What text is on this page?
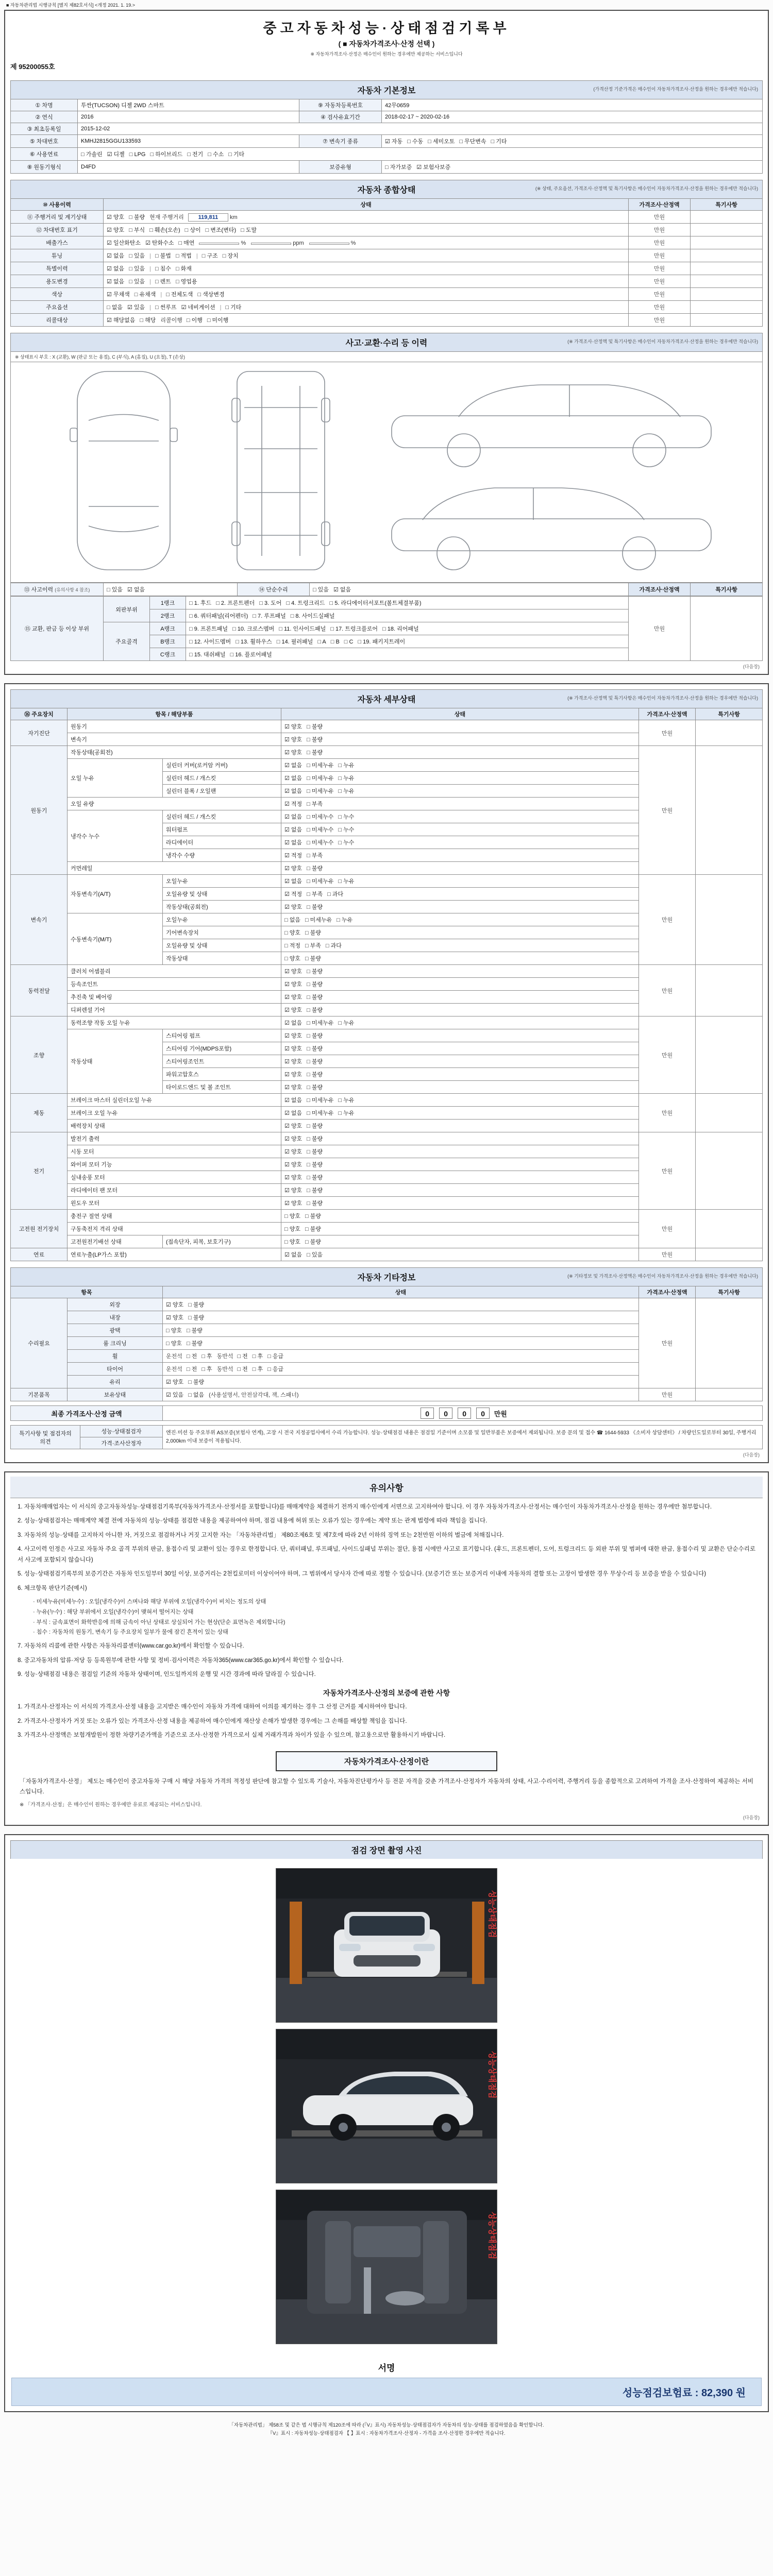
■ 자동차관리법 시행규칙 [별지 제82호서식] <개정 2021. 1. 19.>
중고자동차성능·상태점검기록부
( ■ 자동차가격조사·산정 선택 )
※ 자동차가격조사·산정은 매수인이 원하는 경우에만 제공하는 서비스입니다
제 95200055호
자동차 기본정보	(가격산정 기준가격은 매수인이 자동차가격조사·산정을 원하는 경우에만 적습니다)
① 차명	투싼(TUCSON) 디젤 2WD 스마트	⑨ 자동차등록번호	42무0659
② 연식	2016	④ 검사유효기간	2018-02-17 ~ 2020-02-16
③ 최초등록일	2015-12-02		
⑤ 차대번호	KMHJ2815GGU133593	⑦ 변속기 종류	☑ 자동 □ 수동 □ 세미오토 □ 무단변속 □ 기타
⑥ 사용연료	□ 가솔린 ☑ 디젤 □ LPG □ 하이브리드 □ 전기 □ 수소 □ 기타		
⑧ 원동기형식	D4FD	보증유형	□ 자가보증 ☑ 보험사보증
자동차 종합상태	(※ 상태, 주요옵션, 가격조사·산정액 및 특기사항은 매수인이 자동차가격조사·산정을 원하는 경우에만 적습니다)
⑩ 사용이력	상태	가격조사·산정액	특기사항
⑪ 주행거리 및 계기상태	☑ 양호 □ 불량 현재 주행거리 119,811 km	만원	
⑫ 차대번호 표기	☑ 양호 □ 부식 □ 훼손(오손) □ 상이 □ 변조(변타) □ 도말	만원	
배출가스	☑ 일산화탄소 ☑ 탄화수소 □ 매연 % ppm %	만원	
튜닝	☑ 없음 □ 있음 | □ 불법 □ 적법 | □ 구조 □ 장치	만원	
특별이력	☑ 없음 □ 있음 | □ 침수 □ 화재	만원	
용도변경	☑ 없음 □ 있음 | □ 렌트 □ 영업용	만원	
색상	☑ 무채색 □ 유채색 | □ 전체도색 □ 색상변경	만원	
주요옵션	□ 없음 ☑ 있음 | □ 썬루프 ☑ 네비게이션 | □ 기타	만원	
리콜대상	☑ 해당없음 □ 해당 리콜이행 □ 이행 □ 미이행	만원	
사고·교환·수리 등 이력	(※ 가격조사·산정액 및 특기사항은 매수인이 자동차가격조사·산정을 원하는 경우에만 적습니다)
※ 상태표시 부호 : X (교환), W (판금 또는 용접), C (부식), A (흠집), U (요철), T (손상)
⑬ 사고이력 (유의사항 4 참조)	□ 있음 ☑ 없음	⑭ 단순수리	□ 있음 ☑ 없음	가격조사·산정액	특기사항
⑮ 교환, 판금 등 이상 부위	외판부위	1랭크	□ 1. 후드 □ 2. 프론트펜더 □ 3. 도어 □ 4. 트렁크리드 □ 5. 라디에이터서포트(볼트체결부품)	만원	
		2랭크	□ 6. 쿼터패널(리어펜더) □ 7. 루프패널 □ 8. 사이드실패널		
	주요골격	A랭크	□ 9. 프론트패널 □ 10. 크로스멤버 □ 11. 인사이드패널 □ 17. 트렁크플로어 □ 18. 리어패널		
		B랭크	□ 12. 사이드멤버 □ 13. 휠하우스 □ 14. 필러패널 □ A □ B □ C □ 19. 패키지트레이		
		C랭크	□ 15. 대쉬패널 □ 16. 플로어패널		
(다음장)
자동차 세부상태	(※ 가격조사·산정액 및 특기사항은 매수인이 자동차가격조사·산정을 원하는 경우에만 적습니다)
⑯ 주요장치	항목 / 해당부품		상태	가격조사·산정액	특기사항
자기진단	원동기		☑ 양호 □ 불량	만원	
	변속기		☑ 양호 □ 불량		
원동기	작동상태(공회전)		☑ 양호 □ 불량	만원	
	오일 누유	실린더 커버(로커암 커버)	☑ 없음 □ 미세누유 □ 누유		
		실린더 헤드 / 개스킷	☑ 없음 □ 미세누유 □ 누유		
		실린더 블록 / 오일팬	☑ 없음 □ 미세누유 □ 누유		
	오일 유량		☑ 적정 □ 부족		
	냉각수 누수	실린더 헤드 / 개스킷	☑ 없음 □ 미세누수 □ 누수		
		워터펌프	☑ 없음 □ 미세누수 □ 누수		
		라디에이터	☑ 없음 □ 미세누수 □ 누수		
		냉각수 수량	☑ 적정 □ 부족		
	커먼레일		☑ 양호 □ 불량		
변속기	자동변속기(A/T)	오일누유	☑ 없음 □ 미세누유 □ 누유	만원	
		오일유량 및 상태	☑ 적정 □ 부족 □ 과다		
		작동상태(공회전)	☑ 양호 □ 불량		
	수동변속기(M/T)	오일누유	□ 없음 □ 미세누유 □ 누유		
		기어변속장치	□ 양호 □ 불량		
		오일유량 및 상태	□ 적정 □ 부족 □ 과다		
		작동상태	□ 양호 □ 불량		
동력전달	클러치 어셈블리		☑ 양호 □ 불량	만원	
	등속조인트		☑ 양호 □ 불량		
	추진축 및 베어링		☑ 양호 □ 불량		
	디퍼렌셜 기어		☑ 양호 □ 불량		
조향	동력조향 작동 오일 누유		☑ 없음 □ 미세누유 □ 누유	만원	
	작동상태	스티어링 펌프	☑ 양호 □ 불량		
		스티어링 기어(MDPS포함)	☑ 양호 □ 불량		
		스티어링조인트	☑ 양호 □ 불량		
		파워고압호스	☑ 양호 □ 불량		
		타이로드엔드 및 볼 조인트	☑ 양호 □ 불량		
제동	브레이크 마스터 실린더오일 누유		☑ 없음 □ 미세누유 □ 누유	만원	
	브레이크 오일 누유		☑ 없음 □ 미세누유 □ 누유		
	배력장치 상태		☑ 양호 □ 불량		
전기	발전기 출력		☑ 양호 □ 불량	만원	
	시동 모터		☑ 양호 □ 불량		
	와이퍼 모터 기능		☑ 양호 □ 불량		
	실내송풍 모터		☑ 양호 □ 불량		
	라디에이터 팬 모터		☑ 양호 □ 불량		
	윈도우 모터		☑ 양호 □ 불량		
고전원 전기장치	충전구 절연 상태		□ 양호 □ 불량	만원	
	구동축전지 격리 상태		□ 양호 □ 불량		
	고전원전기배선 상태	(접속단자, 피복, 보호기구)	□ 양호 □ 불량		
연료	연료누출(LP가스 포함)		☑ 없음 □ 있음	만원	
자동차 기타정보	(※ 기타정보 및 가격조사·산정액은 매수인이 자동차가격조사·산정을 원하는 경우에만 적습니다)
항목		상태	가격조사·산정액	특기사항
수리필요	외장	☑ 양호 □ 불량	만원	
	내장	☑ 양호 □ 불량		
	광택	□ 양호 □ 불량		
	룸 크리닝	□ 양호 □ 불량		
	휠	운전석 □ 전 □ 후 동반석 □ 전 □ 후 □ 응급		
	타이어	운전석 □ 전 □ 후 동반석 □ 전 □ 후 □ 응급		
	유리	☑ 양호 □ 불량		
기본품목	보유상태	☑ 있음 □ 없음 (사용설명서, 안전삼각대, 잭, 스패너)	만원	
최종 가격조사·산정 금액	0 0 0 0 만원
특기사항 및 점검자의 의견	성능·상태점검자	엔진·미션 등 주요부위 AS보증(보험사 연계), 고장 시 전국 지정공업사에서 수리 가능합니다. 성능·상태점검 내용은 점검일 기준이며 소모품 및 일반부품은 보증에서 제외됩니다. 보증 문의 및 접수 ☎ 1644-5933 《소비자 상담센터》 / 차량인도일로부터 30일, 주행거리 2,000km 이내 보증이 적용됩니다.
가격·조사산정자
(다음장)
유의사항
1. 자동차매매업자는 이 서식의 중고자동차성능·상태점검기록부(자동차가격조사·산정서를 포함합니다)를 매매계약을 체결하기 전까지 매수인에게 서면으로 고지하여야 합니다. 이 경우 자동차가격조사·산정서는 매수인이 자동차가격조사·산정을 원하는 경우에만 첨부합니다.
2. 성능·상태점검자는 매매계약 체결 전에 자동차의 성능·상태를 점검한 내용을 제공하여야 하며, 점검 내용에 허위 또는 오류가 있는 경우에는 계약 또는 관계 법령에 따라 책임을 집니다.
3. 자동차의 성능·상태를 고지하지 아니한 자, 거짓으로 점검하거나 거짓 고지한 자는 「자동차관리법」 제80조제6호 및 제7호에 따라 2년 이하의 징역 또는 2천만원 이하의 벌금에 처해집니다.
4. 사고이력 인정은 사고로 자동차 주요 골격 부위의 판금, 용접수리 및 교환이 있는 경우로 한정합니다. 단, 쿼터패널, 루프패널, 사이드실패널 부위는 절단, 용접 시에만 사고로 표기합니다. (후드, 프론트펜더, 도어, 트렁크리드 등 외판 부위 및 범퍼에 대한 판금, 용접수리 및 교환은 단순수리로서 사고에 포함되지 않습니다)
5. 성능·상태점검기록부의 보증기간은 자동차 인도일부터 30일 이상, 보증거리는 2천킬로미터 이상이어야 하며, 그 범위에서 당사자 간에 따로 정할 수 있습니다. (보증기간 또는 보증거리 이내에 자동차의 결함 또는 고장이 발생한 경우 무상수리 등 보증을 받을 수 있습니다)
6. 체크항목 판단기준(예시)
· 미세누유(미세누수) : 오일(냉각수)이 스며나와 해당 부위에 오일(냉각수)이 비치는 정도의 상태
· 누유(누수) : 해당 부위에서 오일(냉각수)이 맺혀서 떨어지는 상태
· 부식 : 금속표면이 화학반응에 의해 금속이 아닌 상태로 상실되어 가는 현상(단순 표면녹은 제외합니다)
· 침수 : 자동차의 원동기, 변속기 등 주요장치 일부가 물에 잠긴 흔적이 있는 상태
7. 자동차의 리콜에 관한 사항은 자동차리콜센터(www.car.go.kr)에서 확인할 수 있습니다.
8. 중고자동차의 압류·저당 등 등록원부에 관한 사항 및 정비·검사이력은 자동차365(www.car365.go.kr)에서 확인할 수 있습니다.
9. 성능·상태점검 내용은 점검일 기준의 자동차 상태이며, 인도일까지의 운행 및 시간 경과에 따라 달라질 수 있습니다.
자동차가격조사·산정의 보증에 관한 사항
1. 가격조사·산정자는 이 서식의 가격조사·산정 내용을 고지받은 매수인이 자동차 가격에 대하여 이의를 제기하는 경우 그 산정 근거를 제시하여야 합니다.
2. 가격조사·산정자가 거짓 또는 오류가 있는 가격조사·산정 내용을 제공하여 매수인에게 재산상 손해가 발생한 경우에는 그 손해를 배상할 책임을 집니다.
3. 가격조사·산정액은 보험개발원이 정한 차량기준가액을 기준으로 조사·산정한 가격으로서 실제 거래가격과 차이가 있을 수 있으며, 참고용으로만 활용하시기 바랍니다.
자동차가격조사·산정이란
「자동차가격조사·산정」 제도는 매수인이 중고자동차 구매 시 해당 자동차 가격의 적정성 판단에 참고할 수 있도록 기술사, 자동차진단평가사 등 전문 자격을 갖춘 가격조사·산정자가 자동차의 상태, 사고·수리이력, 주행거리 등을 종합적으로 고려하여 가격을 조사·산정하여 제공하는 서비스입니다.
※ 「가격조사·산정」은 매수인이 원하는 경우에만 유료로 제공되는 서비스입니다.
(다음장)
점검 장면 촬영 사진
성능상태점검
성능상태점검
성능상태점검
서명
성능점검보험료 : 82,390 원
「자동차관리법」 제58조 및 같은 법 시행규칙 제120조에 따라 (『V』표시) 자동차성능·상태점검자가 자동차의 성능·상태를 점검하였음을 확인합니다.
『V』표시 : 자동차성능·상태점검자 【 】표시 : 자동차가격조사·산정자 - 가격을 조사·산정한 경우에만 적습니다.
